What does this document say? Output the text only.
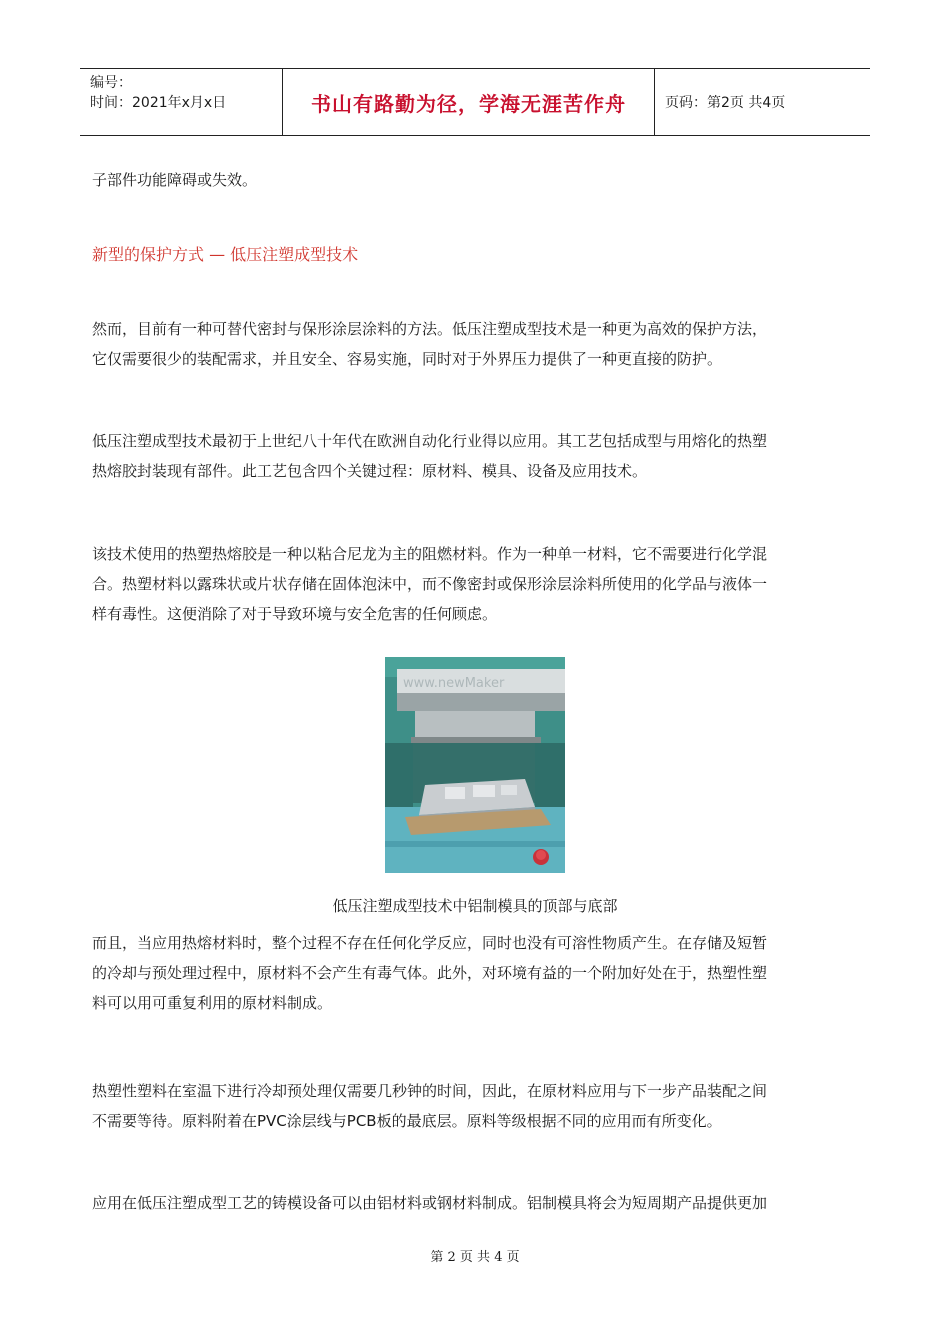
编号：
时间：2021年x月x日	书山有路勤为径，学海无涯苦作舟	页码：第2页 共4页

子部件功能障碍或失效。

新型的保护方式 — 低压注塑成型技术

然而，目前有一种可替代密封与保形涂层涂料的方法。低压注塑成型技术是一种更为高效的保护方法，

它仅需要很少的装配需求，并且安全、容易实施，同时对于外界压力提供了一种更直接的防护。

低压注塑成型技术最初于上世纪八十年代在欧洲自动化行业得以应用。其工艺包括成型与用熔化的热塑

热熔胶封装现有部件。此工艺包含四个关键过程：原材料、模具、设备及应用技术。

该技术使用的热塑热熔胶是一种以粘合尼龙为主的阻燃材料。作为一种单一材料，它不需要进行化学混

合。热塑材料以露珠状或片状存储在固体泡沫中，而不像密封或保形涂层涂料所使用的化学品与液体一

样有毒性。这便消除了对于导致环境与安全危害的任何顾虑。

www.newMaker
低压注塑成型技术中铝制模具的顶部与底部

而且，当应用热熔材料时，整个过程不存在任何化学反应，同时也没有可溶性物质产生。在存储及短暂

的冷却与预处理过程中，原材料不会产生有毒气体。此外，对环境有益的一个附加好处在于，热塑性塑

料可以用可重复利用的原材料制成。

热塑性塑料在室温下进行冷却预处理仅需要几秒钟的时间，因此，在原材料应用与下一步产品装配之间

不需要等待。原料附着在PVC涂层线与PCB板的最底层。原料等级根据不同的应用而有所变化。

应用在低压注塑成型工艺的铸模设备可以由铝材料或钢材料制成。铝制模具将会为短周期产品提供更加

第 2 页 共 4 页
